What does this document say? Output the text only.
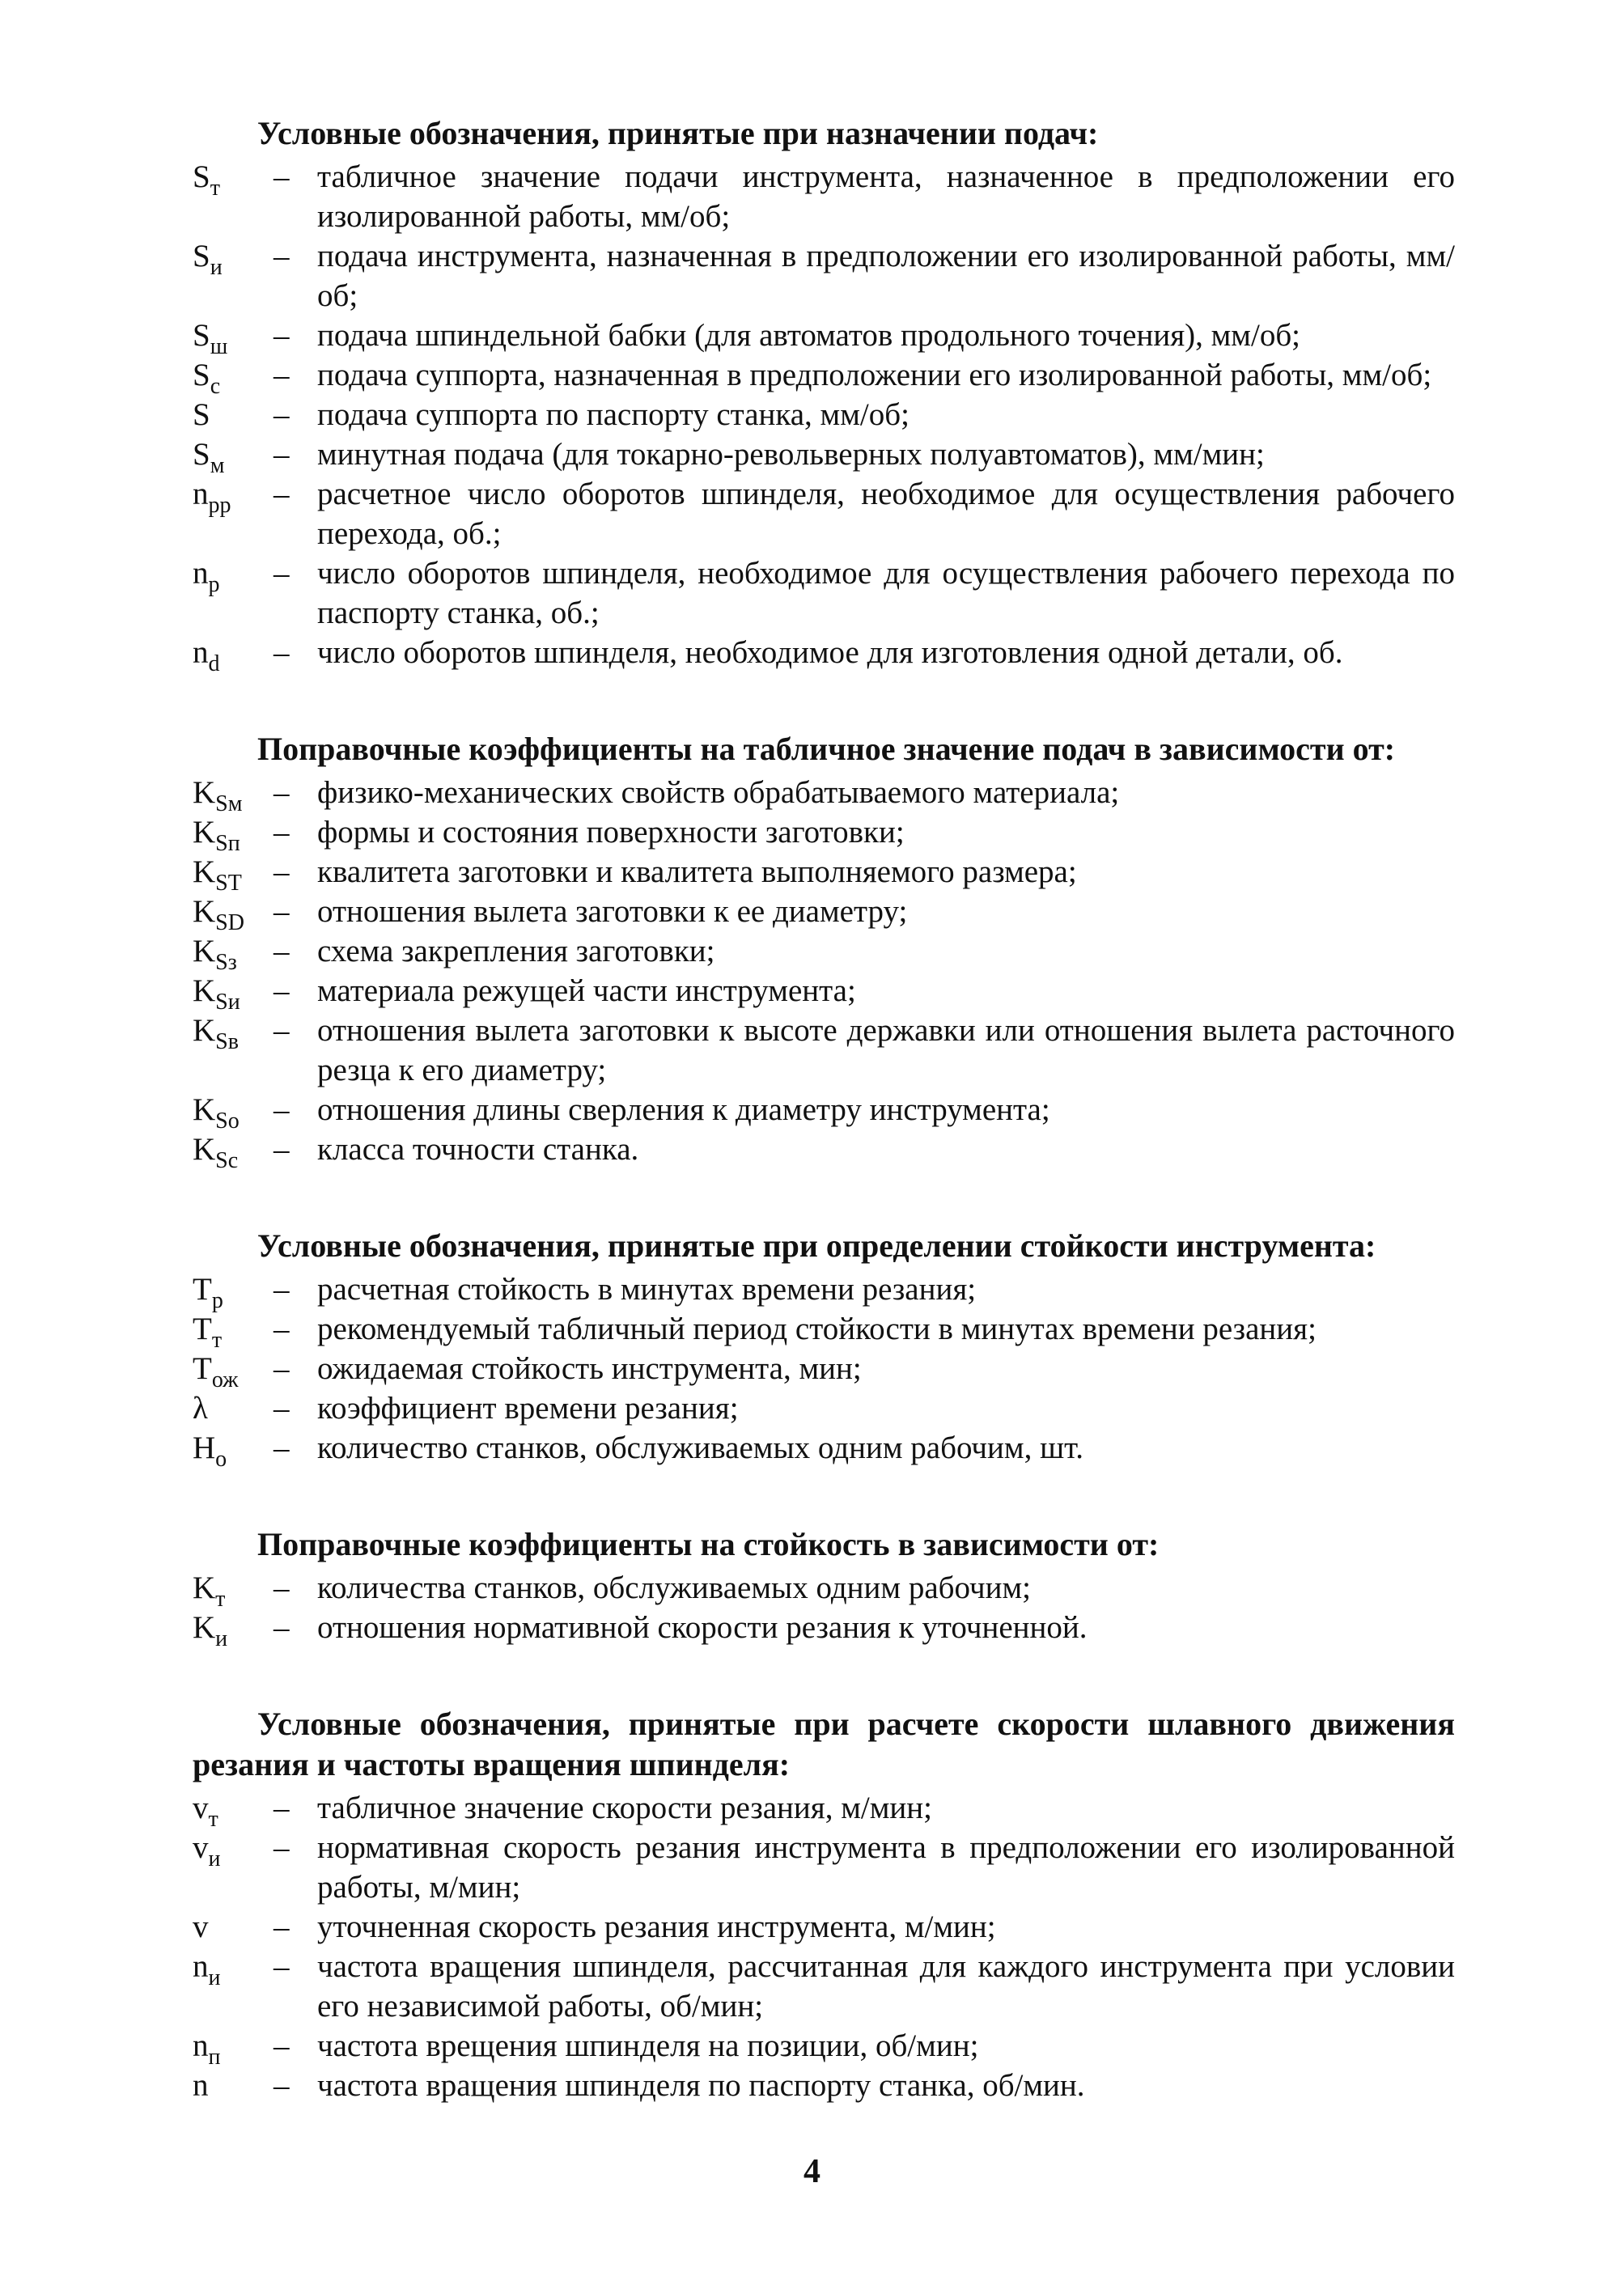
Условные обозначения, принятые при назначении подач:
$S_т$	– табличное значение подачи инструмента, назначенное в предположении его изолированной работы, мм/об;
$S_и$	– подача инструмента, назначенная в предположении его изолированной работы, мм/об;
$S_ш$	– подача шпиндельной бабки (для автоматов продольного точения), мм/об;
$S_с$	– подача суппорта, назначенная в предположении его изолированной работы, мм/об;
S	– подача суппорта по паспорту станка, мм/об;
$S_м$	– минутная подача (для токарно-револьверных полуавтоматов), мм/мин;
$n_{рр}$	– расчетное число оборотов шпинделя, необходимое для осуществления рабочего перехода, об.;
$n_р$	– число оборотов шпинделя, необходимое для осуществления рабочего перехода по паспорту станка, об.;
$n_d$	– число оборотов шпинделя, необходимое для изготовления одной детали, об.
Поправочные коэффициенты на табличное значение подач в зависимости от:
$K_{Sм}$ – физико-механических свойств обрабатываемого материала;
$K_{Sп}$	– формы и состояния поверхности заготовки;
$K_{ST}$	– квалитета заготовки и квалитета выполняемого размера;
$K_{SD}$ – отношения вылета заготовки к ее диаметру;
$K_{Sз}$	– схема закрепления заготовки;
$K_{Sи}$	– материала режущей части инструмента;
$K_{Sв}$	– отношения вылета заготовки к высоте державки или отношения вылета расточного резца к его диаметру;
$K_{So}$	– отношения длины сверления к диаметру инструмента;
$K_{Sc}$	– класса точности станка.
Условные обозначения, принятые при определении стойкости инструмента:
$T_р$	– расчетная стойкость в минутах времени резания;
$T_т$	– рекомендуемый табличный период стойкости в минутах времени резания;
$T_{ож}$	– ожидаемая стойкость инструмента, мин;
λ	– коэффициент времени резания;
$H_о$	– количество станков, обслуживаемых одним рабочим, шт.
Поправочные коэффициенты на стойкость в зависимости от:
$K_т$	– количества станков, обслуживаемых одним рабочим;
$K_и$	– отношения нормативной скорости резания к уточненной.
Условные обозначения, принятые при расчете скорости шлавного движения резания и частоты вращения шпинделя:
$v_т$	– табличное значение скорости резания, м/мин;
$v_и$	– нормативная скорость резания инструмента в предположении его изолированной работы, м/мин;
v	– уточненная скорость резания инструмента, м/мин;
$n_и$	– частота вращения шпинделя, рассчитанная для каждого инструмента при условии его независимой работы, об/мин;
$n_п$	– частота врещения шпинделя на позиции, об/мин;
n	– частота вращения шпинделя по паспорту станка, об/мин.
4
